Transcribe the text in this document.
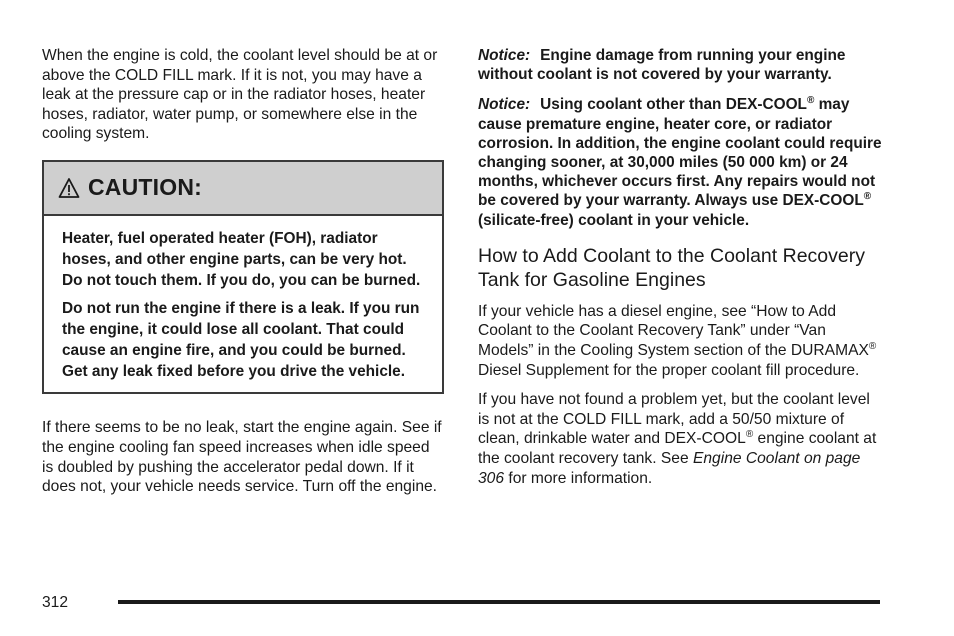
When the engine is cold, the coolant level should be at or above the COLD FILL mark. If it is not, you may have a leak at the pressure cap or in the radiator hoses, heater hoses, radiator, water pump, or somewhere else in the cooling system.

CAUTION:

Heater, fuel operated heater (FOH), radiator hoses, and other engine parts, can be very hot. Do not touch them. If you do, you can be burned.

Do not run the engine if there is a leak. If you run the engine, it could lose all coolant. That could cause an engine fire, and you could be burned. Get any leak fixed before you drive the vehicle.

If there seems to be no leak, start the engine again. See if the engine cooling fan speed increases when idle speed is doubled by pushing the accelerator pedal down. If it does not, your vehicle needs service. Turn off the engine.

Notice: Engine damage from running your engine without coolant is not covered by your warranty.

Notice: Using coolant other than DEX-COOL® may cause premature engine, heater core, or radiator corrosion. In addition, the engine coolant could require changing sooner, at 30,000 miles (50 000 km) or 24 months, whichever occurs first. Any repairs would not be covered by your warranty. Always use DEX-COOL® (silicate-free) coolant in your vehicle.

How to Add Coolant to the Coolant Recovery Tank for Gasoline Engines

If your vehicle has a diesel engine, see “How to Add Coolant to the Coolant Recovery Tank” under “Van Models” in the Cooling System section of the DURAMAX® Diesel Supplement for the proper coolant fill procedure.

If you have not found a problem yet, but the coolant level is not at the COLD FILL mark, add a 50/50 mixture of clean, drinkable water and DEX-COOL® engine coolant at the coolant recovery tank. See Engine Coolant on page 306 for more information.

312
